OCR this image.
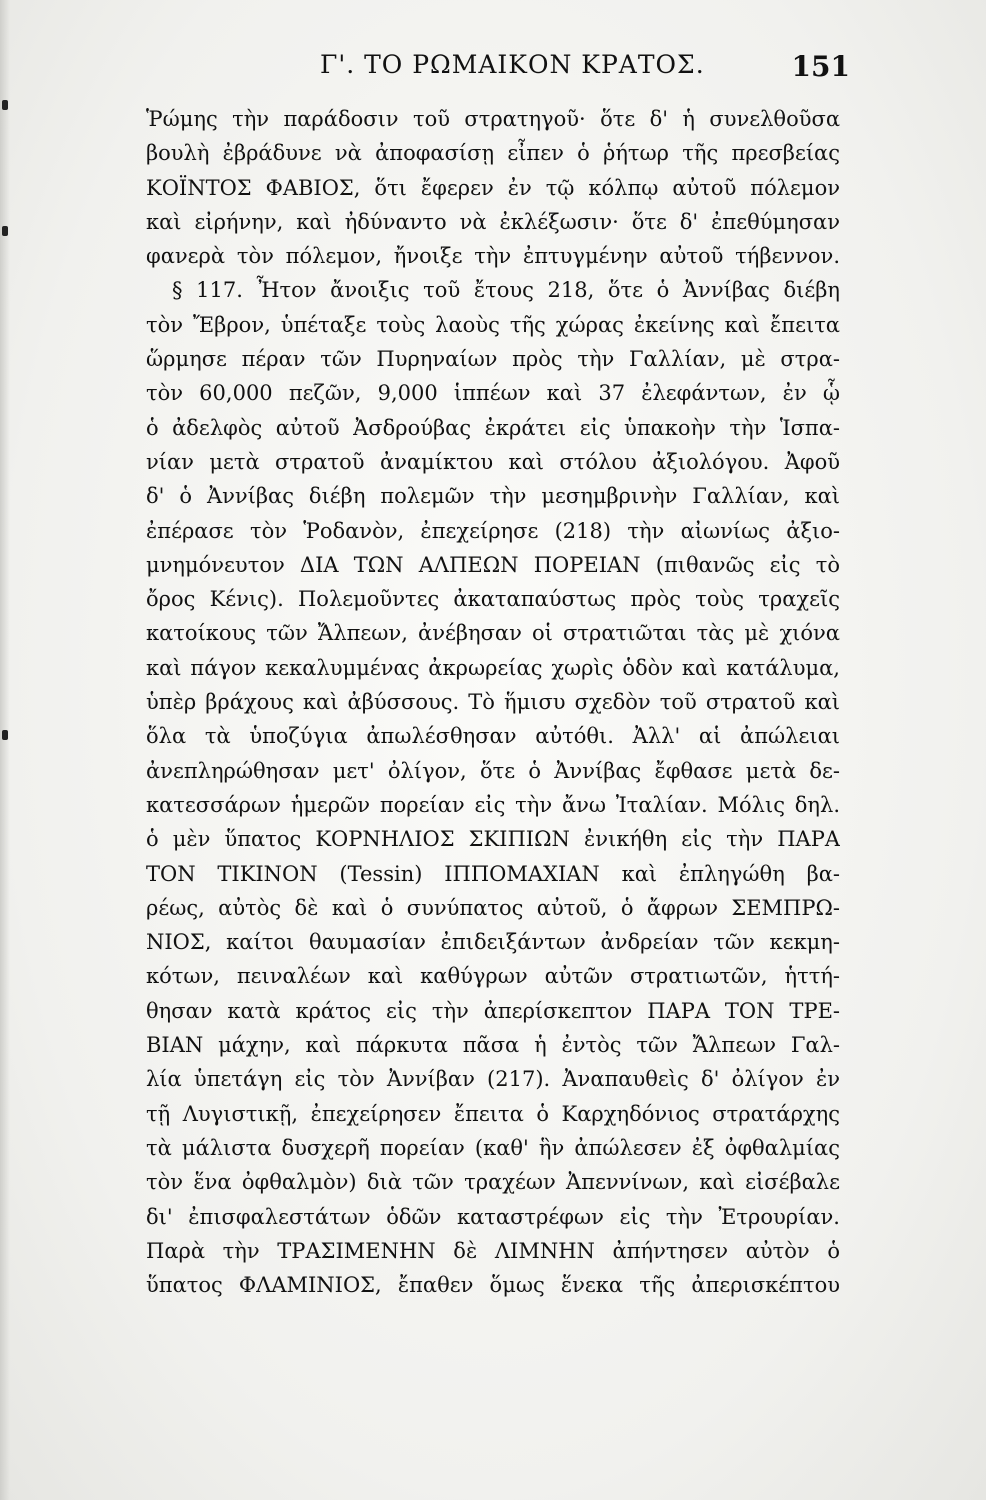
Γ'. ΤΟ ΡΩΜΑΙΚΟΝ ΚΡΑΤΟΣ.	151
Ῥώμης τὴν παράδοσιν τοῦ στρατηγοῦ· ὅτε δ' ἡ συνελθοῦσα
βουλὴ ἐβράδυνε νὰ ἀποφασίσῃ εἶπεν ὁ ῥήτωρ τῆς πρεσβείας
ΚΟΪΝΤΟΣ ΦΑΒΙΟΣ, ὅτι ἔφερεν ἐν τῷ κόλπῳ αὐτοῦ πόλεμον
καὶ εἰρήνην, καὶ ἠδύναντο νὰ ἐκλέξωσιν· ὅτε δ' ἐπεθύμησαν
φανερὰ τὸν πόλεμον, ἤνοιξε τὴν ἐπτυγμένην αὐτοῦ τήβεννον.
§ 117. Ἦτον ἄνοιξις τοῦ ἔτους 218, ὅτε ὁ Ἀννίβας διέβη
τὸν Ἔβρον, ὑπέταξε τοὺς λαοὺς τῆς χώρας ἐκείνης καὶ ἔπειτα
ὥρμησε πέραν τῶν Πυρηναίων πρὸς τὴν Γαλλίαν, μὲ στρα-
τὸν 60,000 πεζῶν, 9,000 ἱππέων καὶ 37 ἐλεφάντων, ἐν ᾧ
ὁ ἀδελφὸς αὐτοῦ Ἀσδρούβας ἐκράτει εἰς ὑπακοὴν τὴν Ἱσπα-
νίαν μετὰ στρατοῦ ἀναμίκτου καὶ στόλου ἀξιολόγου. Ἀφοῦ
δ' ὁ Ἀννίβας διέβη πολεμῶν τὴν μεσημβρινὴν Γαλλίαν, καὶ
ἐπέρασε τὸν Ῥοδανὸν, ἐπεχείρησε (218) τὴν αἰωνίως ἀξιο-
μνημόνευτον ΔΙΑ ΤΩΝ ΑΛΠΕΩΝ ΠΟΡΕΙΑΝ (πιθανῶς εἰς τὸ
ὄρος Κένις). Πολεμοῦντες ἀκαταπαύστως πρὸς τοὺς τραχεῖς
κατοίκους τῶν Ἄλπεων, ἀνέβησαν οἱ στρατιῶται τὰς μὲ χιόνα
καὶ πάγον κεκαλυμμένας ἀκρωρείας χωρὶς ὁδὸν καὶ κατάλυμα,
ὑπὲρ βράχους καὶ ἀβύσσους. Τὸ ἥμισυ σχεδὸν τοῦ στρατοῦ καὶ
ὅλα τὰ ὑποζύγια ἀπωλέσθησαν αὐτόθι. Ἀλλ' αἱ ἀπώλειαι
ἀνεπληρώθησαν μετ' ὀλίγον, ὅτε ὁ Ἀννίβας ἔφθασε μετὰ δε-
κατεσσάρων ἡμερῶν πορείαν εἰς τὴν ἄνω Ἰταλίαν. Μόλις δηλ.
ὁ μὲν ὕπατος ΚΟΡΝΗΛΙΟΣ ΣΚΙΠΙΩΝ ἐνικήθη εἰς τὴν ΠΑΡΑ
ΤΟΝ ΤΙΚΙΝΟΝ (Tessin) ΙΠΠΟΜΑΧΙΑΝ καὶ ἐπληγώθη βα-
ρέως, αὐτὸς δὲ καὶ ὁ συνύπατος αὐτοῦ, ὁ ἄφρων ΣΕΜΠΡΩ-
ΝΙΟΣ, καίτοι θαυμασίαν ἐπιδειξάντων ἀνδρείαν τῶν κεκμη-
κότων, πειναλέων καὶ καθύγρων αὐτῶν στρατιωτῶν, ἡττή-
θησαν κατὰ κράτος εἰς τὴν ἀπερίσκεπτον ΠΑΡΑ ΤΟΝ ΤΡΕ-
ΒΙΑΝ μάχην, καὶ πάρκυτα πᾶσα ἡ ἐντὸς τῶν Ἄλπεων Γαλ-
λία ὑπετάγη εἰς τὸν Ἀννίβαν (217). Ἀναπαυθεὶς δ' ὀλίγον ἐν
τῇ Λυγιστικῇ, ἐπεχείρησεν ἔπειτα ὁ Καρχηδόνιος στρατάρχης
τὰ μάλιστα δυσχερῆ πορείαν (καθ' ἣν ἀπώλεσεν ἐξ ὀφθαλμίας
τὸν ἕνα ὀφθαλμὸν) διὰ τῶν τραχέων Ἀπεννίνων, καὶ εἰσέβαλε
δι' ἐπισφαλεστάτων ὁδῶν καταστρέφων εἰς τὴν Ἐτρουρίαν.
Παρὰ τὴν ΤΡΑΣΙΜΕΝΗΝ δὲ ΛΙΜΝΗΝ ἀπήντησεν αὐτὸν ὁ
ὕπατος ΦΛΑΜΙΝΙΟΣ, ἔπαθεν ὅμως ἕνεκα τῆς ἀπερισκέπτου
